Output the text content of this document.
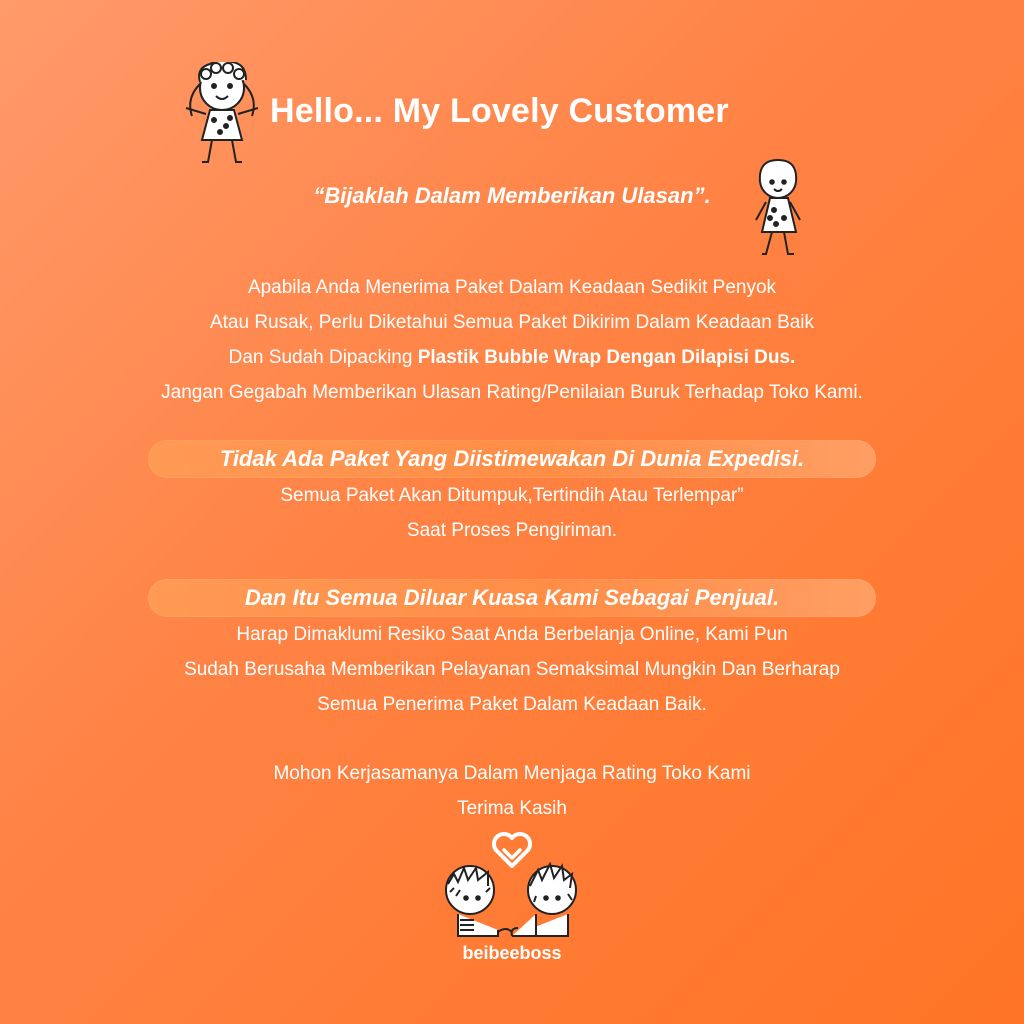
Hello... My Lovely Customer
“Bijaklah Dalam Memberikan Ulasan”.
Apabila Anda Menerima Paket Dalam Keadaan Sedikit Penyok
Atau Rusak, Perlu Diketahui Semua Paket Dikirim Dalam Keadaan Baik
Dan Sudah Dipacking Plastik Bubble Wrap Dengan Dilapisi Dus.
Jangan Gegabah Memberikan Ulasan Rating/Penilaian Buruk Terhadap Toko Kami.
Tidak Ada Paket Yang Diistimewakan Di Dunia Expedisi.
Semua Paket Akan Ditumpuk,Tertindih Atau Terlempar”
Saat Proses Pengiriman.
Dan Itu Semua Diluar Kuasa Kami Sebagai Penjual.
Harap Dimaklumi Resiko Saat Anda Berbelanja Online, Kami Pun
Sudah Berusaha Memberikan Pelayanan Semaksimal Mungkin Dan Berharap
Semua Penerima Paket Dalam Keadaan Baik.
Mohon Kerjasamanya Dalam Menjaga Rating Toko Kami
Terima Kasih
beibeeboss
